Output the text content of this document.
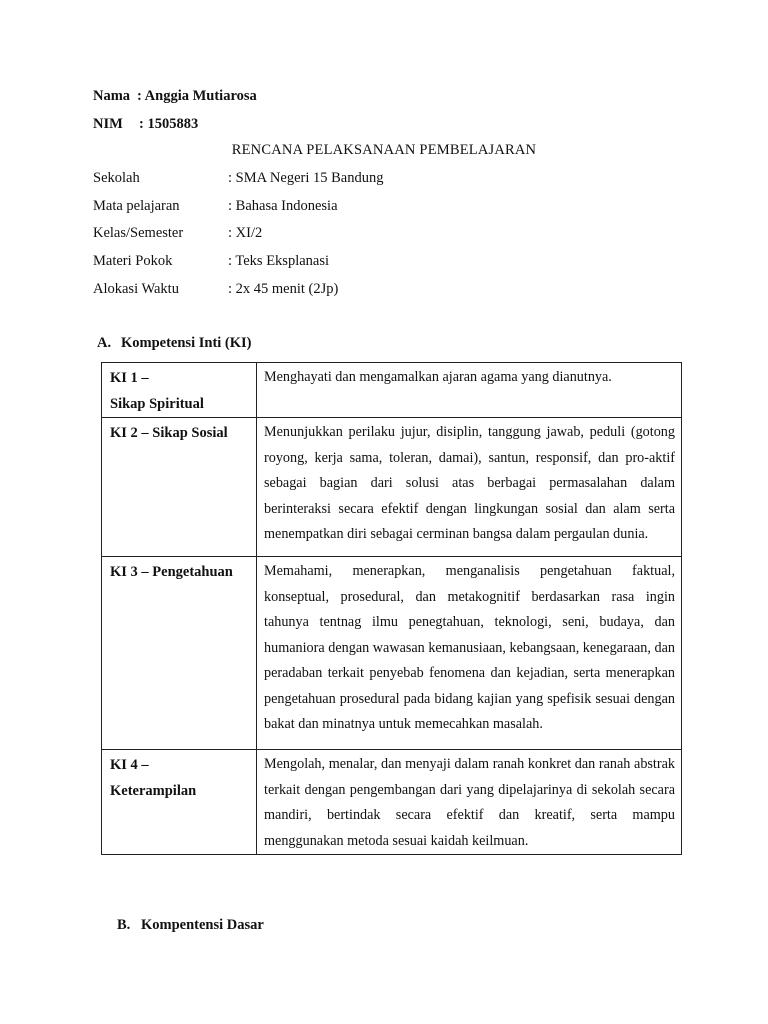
Nama : Anggia Mutiarosa
NIM : 1505883
RENCANA PELAKSANAAN PEMBELAJARAN
Sekolah	: SMA Negeri 15 Bandung
Mata pelajaran	: Bahasa Indonesia
Kelas/Semester	: XI/2
Materi Pokok	: Teks Eksplanasi
Alokasi Waktu	: 2x 45 menit (2Jp)
A. Kompetensi Inti (KI)
KI 1 –
Sikap Spiritual	Menghayati dan mengamalkan ajaran agama yang dianutnya.

KI 2 – Sikap Sosial	Menunjukkan perilaku jujur, disiplin, tanggung jawab, peduli (gotong royong, kerja sama, toleran, damai), santun, responsif, dan pro-aktif sebagai bagian dari solusi atas berbagai permasalahan dalam berinteraksi secara efektif dengan lingkungan sosial dan alam serta menempatkan diri sebagai cerminan bangsa dalam pergaulan dunia.

KI 3 – Pengetahuan	Memahami, menerapkan, menganalisis pengetahuan faktual, konseptual, prosedural, dan metakognitif berdasarkan rasa ingin tahunya tentnag ilmu penegtahuan, teknologi, seni, budaya, dan humaniora dengan wawasan kemanusiaan, kebangsaan, kenegaraan, dan peradaban terkait penyebab fenomena dan kejadian, serta menerapkan pengetahuan prosedural pada bidang kajian yang spefisik sesuai dengan bakat dan minatnya untuk memecahkan masalah.

KI 4 –
Keterampilan	Mengolah, menalar, dan menyaji dalam ranah konkret dan ranah abstrak terkait dengan pengembangan dari yang dipelajarinya di sekolah secara mandiri, bertindak secara efektif dan kreatif, serta mampu menggunakan metoda sesuai kaidah keilmuan.
B. Kompentensi Dasar
